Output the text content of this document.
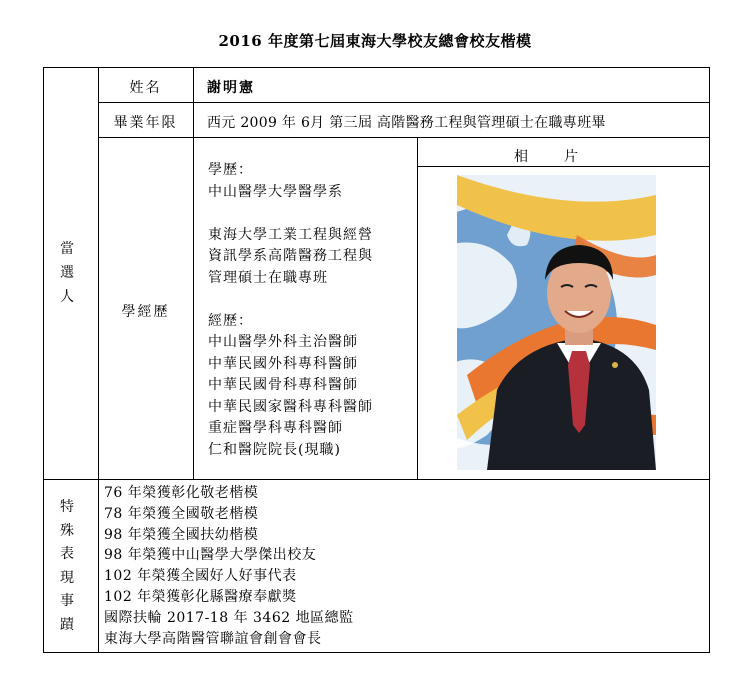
2016 年度第七屆東海大學校友總會校友楷模
當
選
人
姓名	謝明憲
畢業年限	西元 2009 年 6月 第三屆 高階醫務工程與管理碩士在職專班畢
學經歷
學歷：
中山醫學大學醫學系
東海大學工業工程與經營
資訊學系高階醫務工程與
管理碩士在職專班
經歷：
中山醫學外科主治醫師
中華民國外科專科醫師
中華民國骨科專科醫師
中華民國家醫科專科醫師
重症醫學科專科醫師
仁和醫院院長(現職)
相片
特
殊
表
現
事
蹟
76 年榮獲彰化敬老楷模
78 年榮獲全國敬老楷模
98 年榮獲全國扶幼楷模
98 年榮獲中山醫學大學傑出校友
102 年榮獲全國好人好事代表
102 年榮獲彰化縣醫療奉獻獎
國際扶輪 2017-18 年 3462 地區總監
東海大學高階醫管聯誼會創會會長
